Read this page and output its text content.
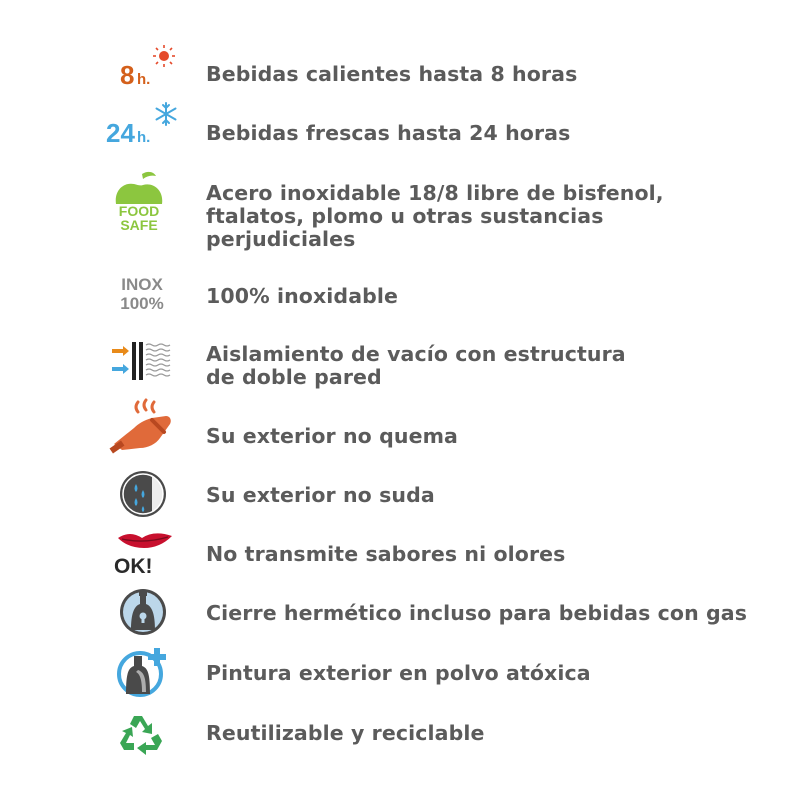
8 h.	Bebidas calientes hasta 8 horas
24 h.	Bebidas frescas hasta 24 horas
FOOD
SAFE
Acero inoxidable 18/8 libre de bisfenol,
ftalatos, plomo u otras sustancias
perjudiciales
INOX
100% 100% inoxidable
Aislamiento de vacío con estructura
de doble pared
Su exterior no quema
Su exterior no suda
OK!
No transmite sabores ni olores
Cierre hermético incluso para bebidas con gas
Pintura exterior en polvo atóxica
Reutilizable y reciclable
